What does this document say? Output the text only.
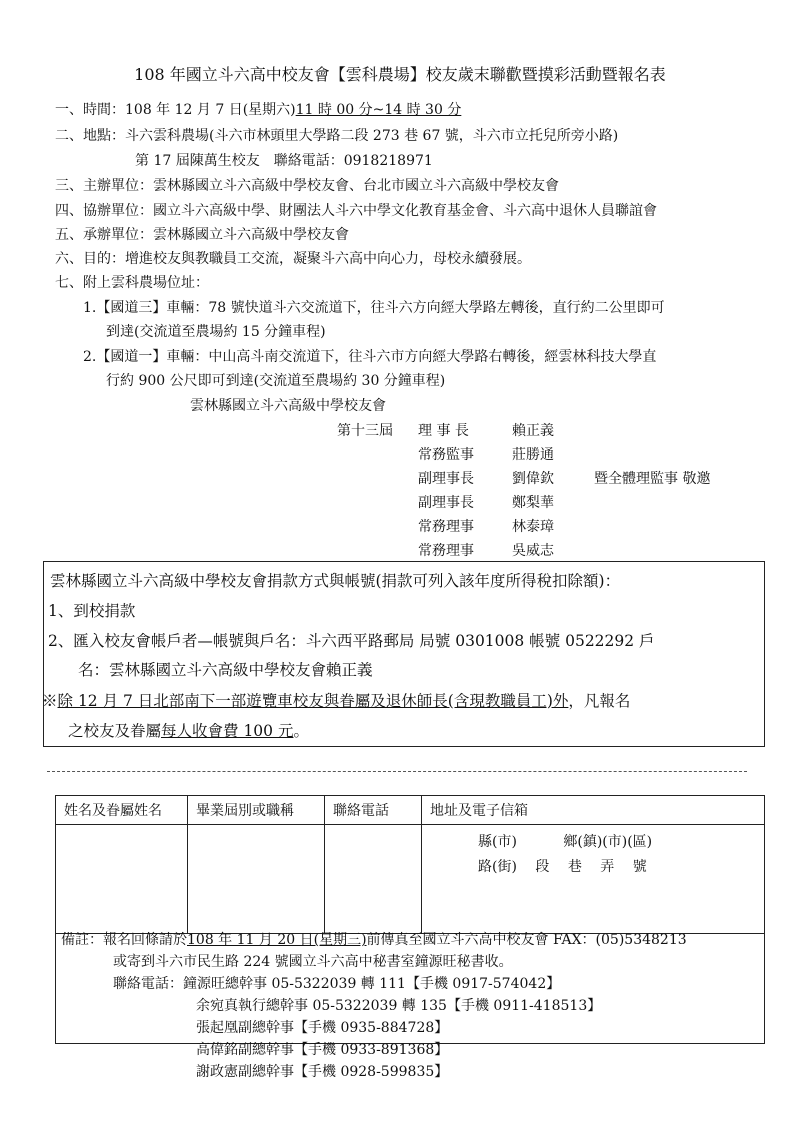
108 年國立斗六高中校友會【雲科農場】校友歲末聯歡暨摸彩活動暨報名表
一、時間：108 年 12 月 7 日(星期六)11 時 00 分~14 時 30 分
二、地點：斗六雲科農場(斗六市林頭里大學路二段 273 巷 67 號，斗六市立托兒所旁小路)
第 17 屆陳萬生校友　聯絡電話：0918218971
三、主辦單位：雲林縣國立斗六高級中學校友會、台北市國立斗六高級中學校友會
四、協辦單位：國立斗六高級中學、財團法人斗六中學文化教育基金會、斗六高中退休人員聯誼會
五、承辦單位：雲林縣國立斗六高級中學校友會
六、目的：增進校友與教職員工交流，凝聚斗六高中向心力，母校永續發展。
七、附上雲科農場位址：
1.【國道三】車輛：78 號快道斗六交流道下，往斗六方向經大學路左轉後，直行約二公里即可
到達(交流道至農場約 15 分鐘車程)
2.【國道一】車輛：中山高斗南交流道下，往斗六市方向經大學路右轉後，經雲林科技大學直
行約 900 公尺即可到達(交流道至農場約 30 分鐘車程)
雲林縣國立斗六高級中學校友會
第十三屆 理 事 長	賴正義
常務監事	莊勝通
副理事長	劉偉欽	暨全體理監事 敬邀
副理事長	鄭梨華
常務理事	林泰璋
常務理事	吳威志
雲林縣國立斗六高級中學校友會捐款方式與帳號(捐款可列入該年度所得稅扣除額)：
1、到校捐款
2、匯入校友會帳戶者—帳號與戶名：斗六西平路郵局 局號 0301008 帳號 0522292 戶
名：雲林縣國立斗六高級中學校友會賴正義
※除 12 月 7 日北部南下一部遊覽車校友與眷屬及退休師長(含現教職員工)外，凡報名
之校友及眷屬每人收會費 100 元。
姓名及眷屬姓名	畢業屆別或職稱	聯絡電話	地址及電子信箱

			縣(市)　　　 鄉(鎮)(市)(區)
路(街)　 段　 巷　 弄　 號
備註：報名回條請於108 年 11 月 20 日(星期三)前傳真至國立斗六高中校友會 FAX：(05)5348213
或寄到斗六市民生路 224 號國立斗六高中秘書室鐘源旺秘書收。
聯絡電話：鐘源旺總幹事 05-5322039 轉 111【手機 0917-574042】
余宛真執行總幹事 05-5322039 轉 135【手機 0911-418513】
張起凰副總幹事【手機 0935-884728】
高偉銘副總幹事【手機 0933-891368】
謝政憲副總幹事【手機 0928-599835】
